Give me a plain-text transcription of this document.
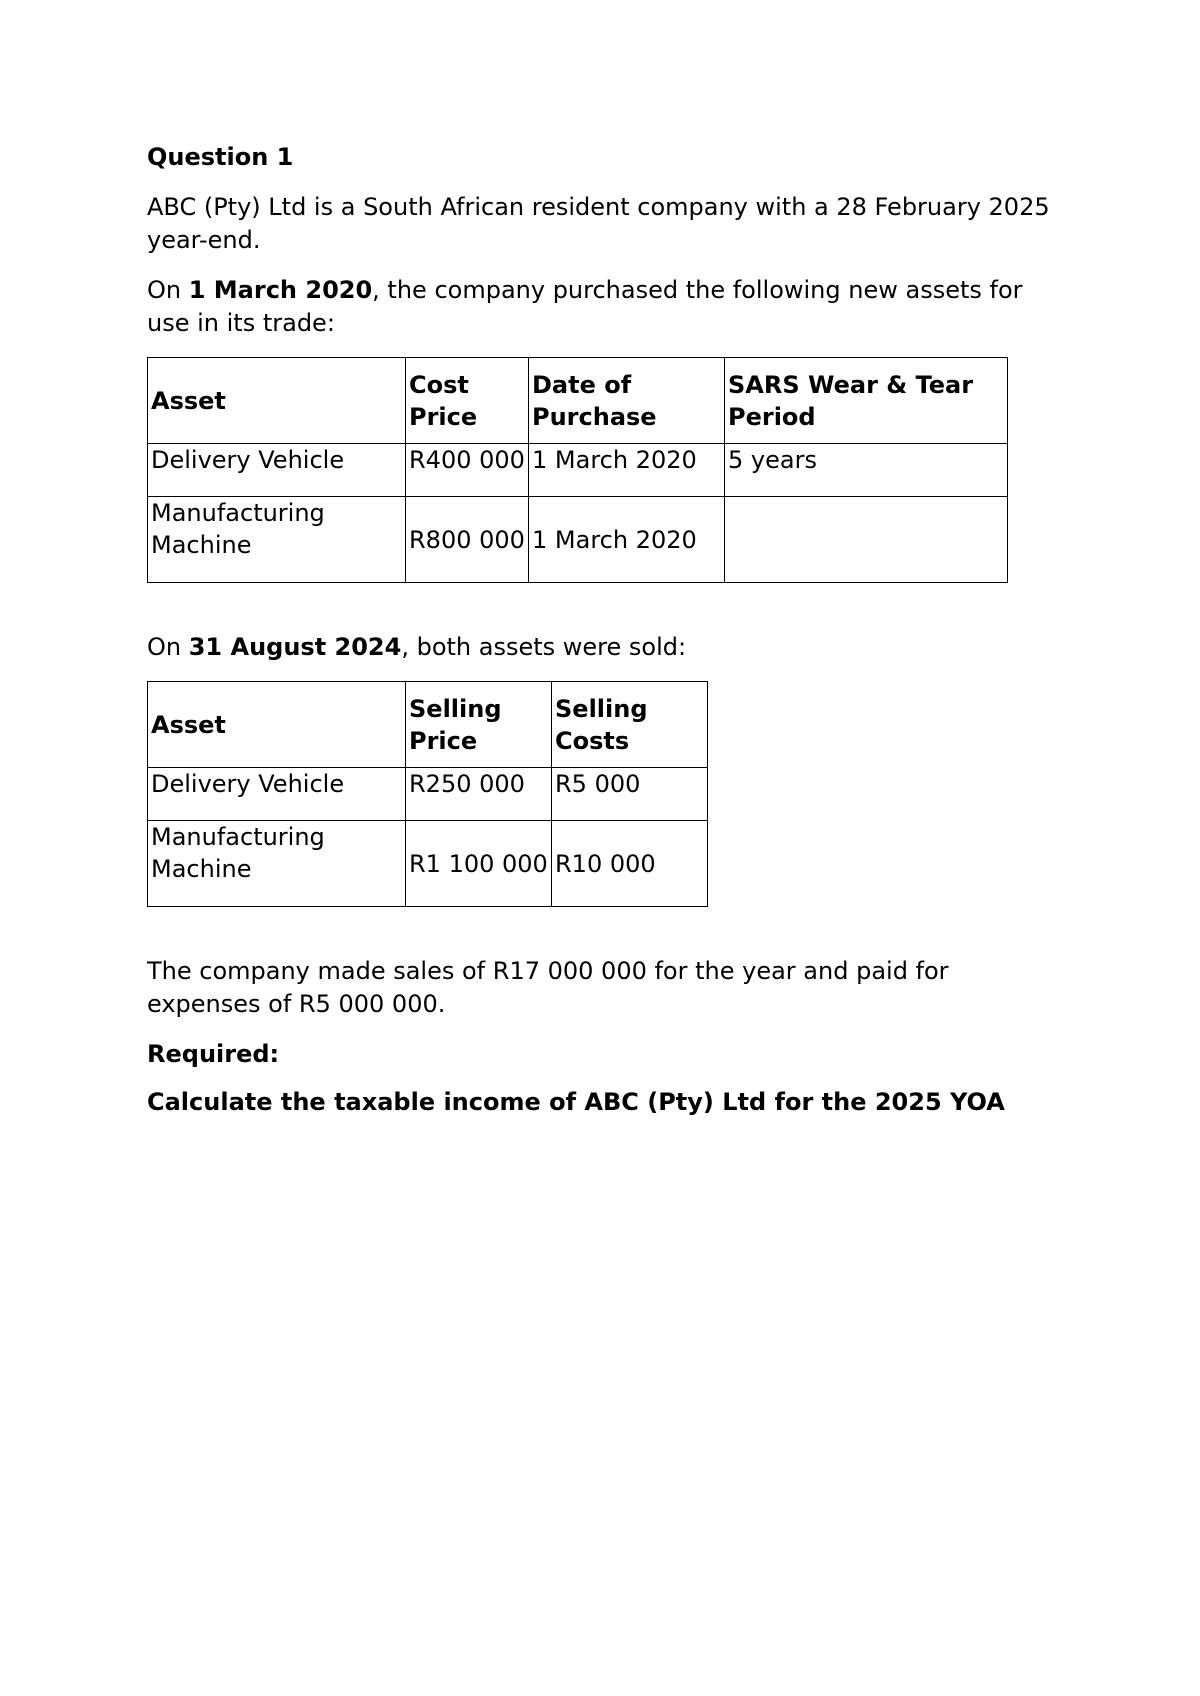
Question 1

ABC (Pty) Ltd is a South African resident company with a 28 February 2025 year-end.

On 1 March 2020, the company purchased the following new assets for use in its trade:

Asset	Cost Price	Date of Purchase	SARS Wear & Tear Period
Delivery Vehicle	R400 000	1 March 2020	5 years
Manufacturing Machine	R800 000	1 March 2020	

On 31 August 2024, both assets were sold:

Asset	Selling Price	Selling Costs
Delivery Vehicle	R250 000	R5 000
Manufacturing Machine	R1 100 000	R10 000

The company made sales of R17 000 000 for the year and paid for expenses of R5 000 000.

Required:

Calculate the taxable income of ABC (Pty) Ltd for the 2025 YOA
